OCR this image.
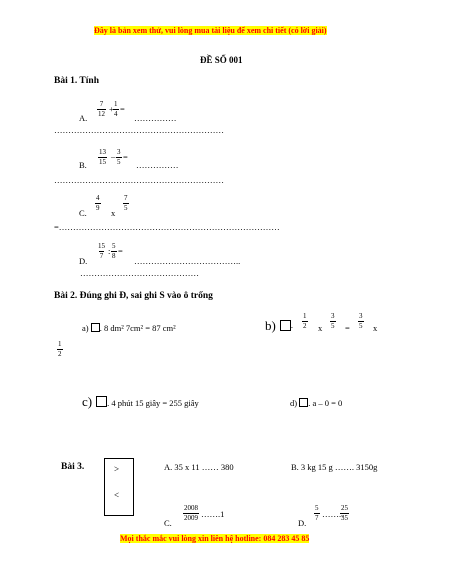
Đây là bản xem thử, vui lòng mua tài liệu để xem chi tiết (có lời giải)
ĐỀ SỐ 001
Bài 1. Tính
A. $\frac{7}{12} + \frac{1}{4}$ =
……………
……………………………………………………
B. $\frac{13}{15} - \frac{3}{5}$ =
……………
……………………………………………………
C. $\frac{4}{9}$ x $\frac{7}{5}$
=……………………………………………………………………
D. $\frac{15}{7}$ : $\frac{5}{8}$ =
………………………………..
……………………………………
Bài 2. Đúng ghi Đ, sai ghi S vào ô trống
a) . 8 dm² 7cm² = 87 cm²	b) . $\frac{1}{2}$ x $\frac{3}{5} = \frac{3}{5}$ x
$\frac{1}{2}$
c) . 4 phút 15 giây = 255 giây	d) . a – 0 = 0
Bài 3.	>
<
A. 35 x 11 …… 380	B. 3 kg 15 g ……. 3150g
C. $\frac{2008}{2009}$ …….1
D. $\frac{5}{7}$ ……..
$\frac{25}{35}$
Mọi thắc mắc vui lòng xin liên hệ hotline: 084 283 45 85
